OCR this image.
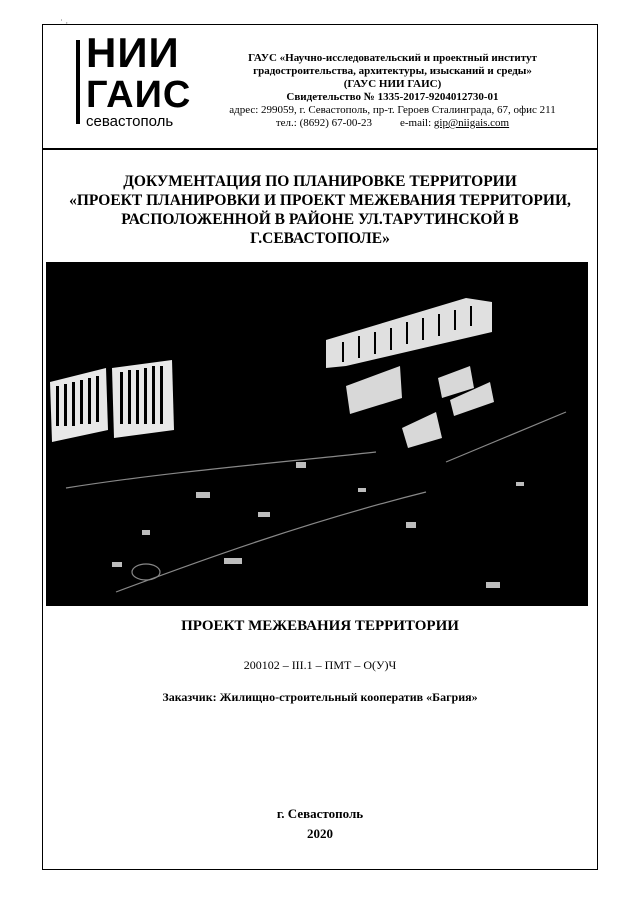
˙ ·
НИИ
ГАИС
севастополь
ГАУС «Научно-исследовательский и проектный институт
градостроительства, архитектуры, изысканий и среды»
(ГАУС НИИ ГАИС)
Свидетельство № 1335-2017-9204012730-01
адрес: 299059, г. Севастополь, пр-т. Героев Сталинграда, 67, офис 211
тел.: (8692) 67-00-23	e-mail: gip@niigais.com
ДОКУМЕНТАЦИЯ ПО ПЛАНИРОВКЕ ТЕРРИТОРИИ
«ПРОЕКТ ПЛАНИРОВКИ И ПРОЕКТ МЕЖЕВАНИЯ ТЕРРИТОРИИ,
РАСПОЛОЖЕННОЙ В РАЙОНЕ УЛ.ТАРУТИНСКОЙ В
Г.СЕВАСТОПОЛЕ»
ПРОЕКТ МЕЖЕВАНИЯ ТЕРРИТОРИИ
200102 – III.1 – ПМТ – О(У)Ч
Заказчик: Жилищно-строительный кооператив «Багрия»
г. Севастополь
2020
